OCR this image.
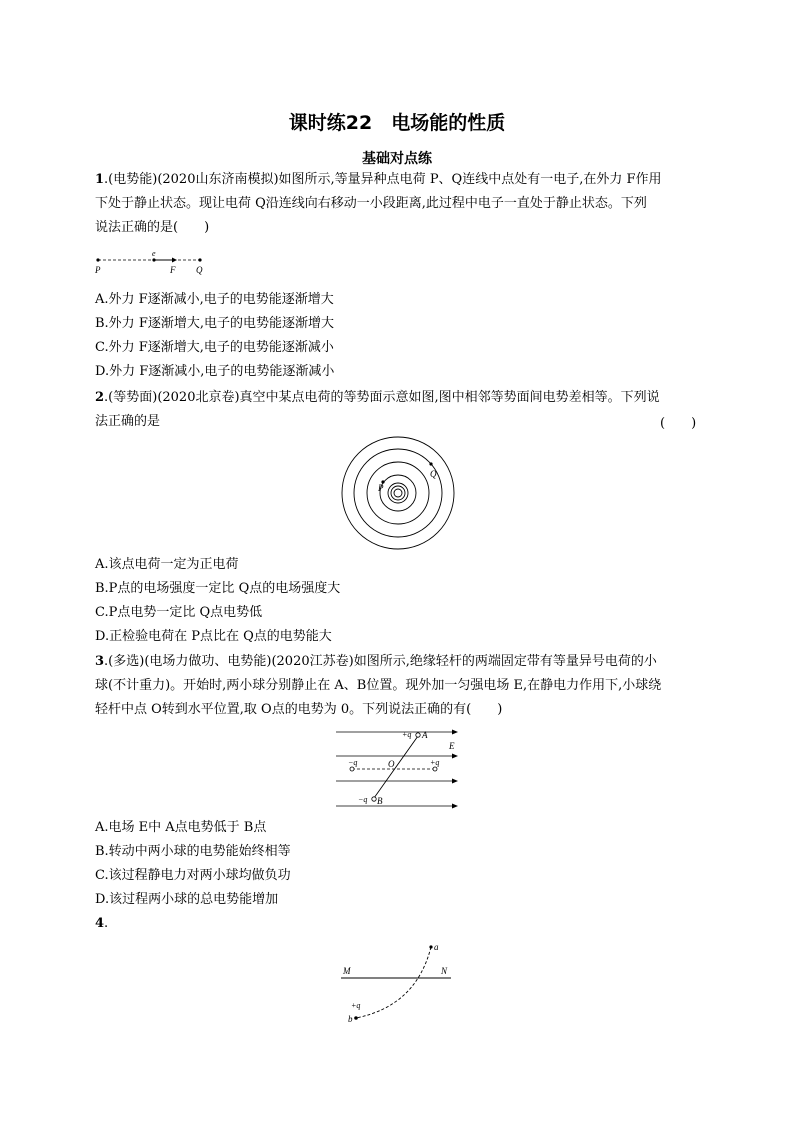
课时练22　电场能的性质
基础对点练
1.(电势能)(2020山东济南模拟)如图所示,等量异种点电荷 P、Q连线中点处有一电子,在外力 F作用
下处于静止状态。现让电荷 Q沿连线向右移动一小段距离,此过程中电子一直处于静止状态。下列
说法正确的是(　　)
P
e
F Q
A.外力 F逐渐减小,电子的电势能逐渐增大
B.外力 F逐渐增大,电子的电势能逐渐增大
C.外力 F逐渐增大,电子的电势能逐渐减小
D.外力 F逐渐减小,电子的电势能逐渐减小
2.(等势面)(2020北京卷)真空中某点电荷的等势面示意如图,图中相邻等势面间电势差相等。下列说
法正确的是	(　　)
P
Q
A.该点电荷一定为正电荷
B.P点的电场强度一定比 Q点的电场强度大
C.P点电势一定比 Q点电势低
D.正检验电荷在 P点比在 Q点的电势能大
3.(多选)(电场力做功、电势能)(2020江苏卷)如图所示,绝缘轻杆的两端固定带有等量异号电荷的小
球(不计重力)。开始时,两小球分别静止在 A、B位置。现外加一匀强电场 E,在静电力作用下,小球绕
轻杆中点 O转到水平位置,取 O点的电势为 0。下列说法正确的有(　　)
+q A
E
−q	O	+q
−q B
A.电场 E中 A点电势低于 B点
B.转动中两小球的电势能始终相等
C.该过程静电力对两小球均做负功
D.该过程两小球的总电势能增加
4.
a
M	N
+q
b
